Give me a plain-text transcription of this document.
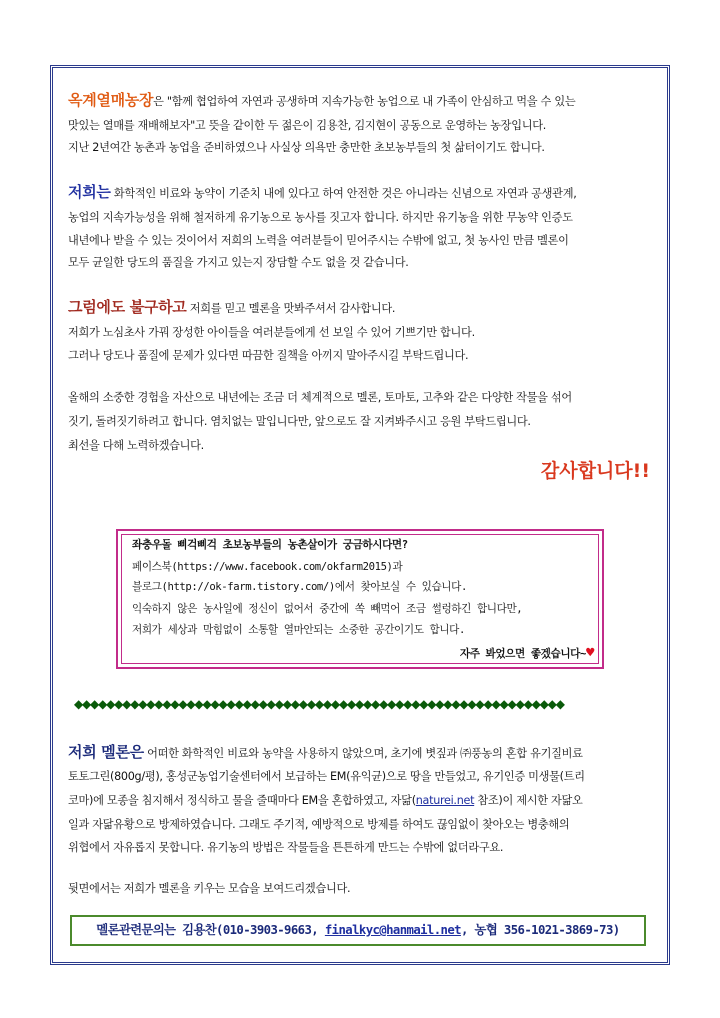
옥계열매농장은 "함께 협업하여 자연과 공생하며 지속가능한 농업으로 내 가족이 안심하고 먹을 수 있는
맛있는 열매를 재배해보자"고 뜻을 같이한 두 젊은이 김용찬, 김지현이 공동으로 운영하는 농장입니다.
지난 2년여간 농촌과 농업을 준비하였으나 사실상 의욕만 충만한 초보농부들의 첫 삶터이기도 합니다.
저희는 화학적인 비료와 농약이 기준치 내에 있다고 하여 안전한 것은 아니라는 신념으로 자연과 공생관계,
농업의 지속가능성을 위해 철저하게 유기농으로 농사를 짓고자 합니다. 하지만 유기농을 위한 무농약 인증도
내년에나 받을 수 있는 것이어서 저희의 노력을 여러분들이 믿어주시는 수밖에 없고, 첫 농사인 만큼 멜론이
모두 균일한 당도의 품질을 가지고 있는지 장담할 수도 없을 것 같습니다.
그럼에도 불구하고 저희를 믿고 멜론을 맛봐주셔서 감사합니다.
저희가 노심초사 가꿔 장성한 아이들을 여러분들에게 선 보일 수 있어 기쁘기만 합니다.
그러나 당도나 품질에 문제가 있다면 따끔한 질책을 아끼지 말아주시길 부탁드립니다.
올해의 소중한 경험을 자산으로 내년에는 조금 더 체계적으로 멜론, 토마토, 고추와 같은 다양한 작물을 섞어
짓기, 돌려짓기하려고 합니다. 염치없는 말입니다만, 앞으로도 잘 지켜봐주시고 응원 부탁드립니다.
최선을 다해 노력하겠습니다.
감사합니다!!
좌충우돌 삐걱삐걱 초보농부들의 농촌살이가 궁금하시다면?
페이스북(https://www.facebook.com/okfarm2015)과
블로그(http://ok-farm.tistory.com/)에서 찾아보실 수 있습니다.
익숙하지 않은 농사일에 정신이 없어서 중간에 쏙 빼먹어 조금 썰렁하긴 합니다만,
저희가 세상과 막힘없이 소통할 열마안되는 소중한 공간이기도 합니다.
자주 봐었으면 좋겠습니다~♥
◆◆◆◆◆◆◆◆◆◆◆◆◆◆◆◆◆◆◆◆◆◆◆◆◆◆◆◆◆◆◆◆◆◆◆◆◆◆◆◆◆◆◆◆◆◆◆◆◆◆◆◆◆◆◆◆◆◆◆◆◆
저희 멜론은 어떠한 화학적인 비료와 농약을 사용하지 않았으며, 초기에 볏짚과 ㈜풍농의 혼합 유기질비료
토토그린(800g/평), 홍성군농업기술센터에서 보급하는 EM(유익균)으로 땅을 만들었고, 유기인증 미생물(트리
코마)에 모종을 침지해서 정식하고 물을 줄때마다 EM을 혼합하였고, 자닮(naturei.net 참조)이 제시한 자닮오
일과 자닮유황으로 방제하였습니다. 그래도 주기적, 예방적으로 방제를 하여도 끊임없이 찾아오는 병충해의
위협에서 자유롭지 못합니다. 유기농의 방법은 작물들을 튼튼하게 만드는 수밖에 없더라구요.
뒷면에서는 저희가 멜론을 키우는 모습을 보여드리겠습니다.
멜론관련문의는 김용찬(010-3903-9663, finalkyc@hanmail.net, 농협 356-1021-3869-73)
